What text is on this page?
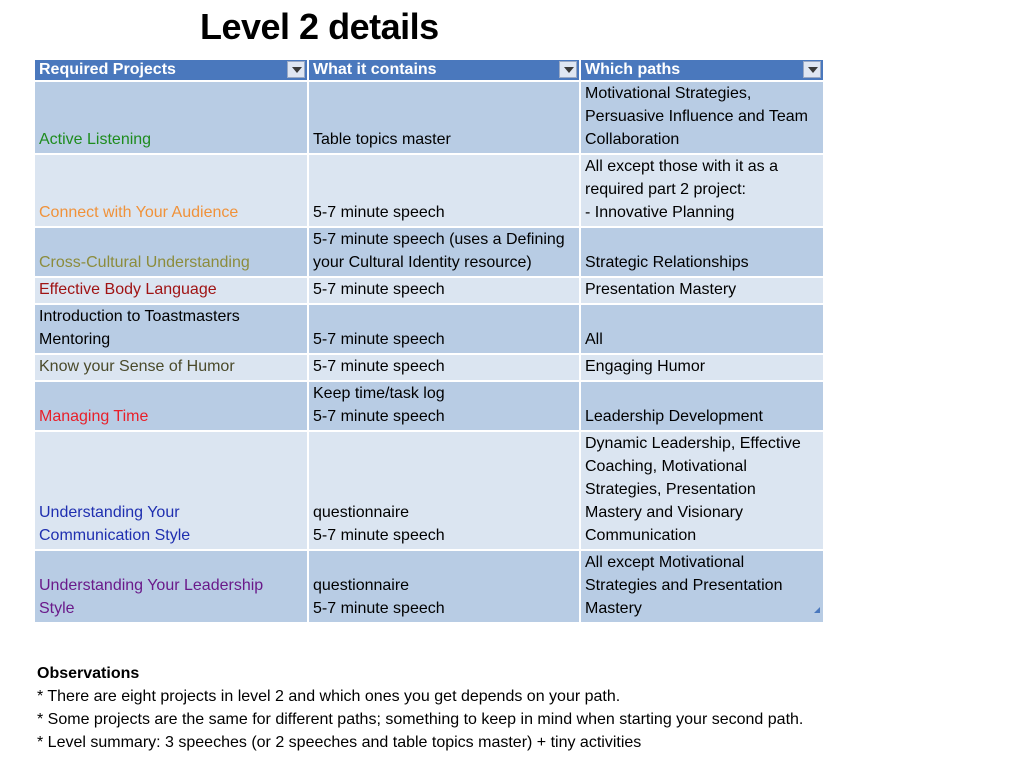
Level 2 details
Required Projects	What it contains	Which paths

Active Listening	Table topics master	Motivational Strategies,
Persuasive Influence and Team
Collaboration

Connect with Your Audience	5-7 minute speech	All except those with it as a
required part 2 project:
- Innovative Planning

Cross-Cultural Understanding	5-7 minute speech (uses a Defining
your Cultural Identity resource)	Strategic Relationships

Effective Body Language	5-7 minute speech	Presentation Mastery

Introduction to Toastmasters
Mentoring	5-7 minute speech	All

Know your Sense of Humor	5-7 minute speech	Engaging Humor

Managing Time	Keep time/task log
5-7 minute speech	Leadership Development

Understanding Your
Communication Style	questionnaire
5-7 minute speech	Dynamic Leadership, Effective
Coaching, Motivational
Strategies, Presentation
Mastery and Visionary
Communication

Understanding Your Leadership
Style	questionnaire
5-7 minute speech	All except Motivational
Strategies and Presentation
Mastery
Observations
* There are eight projects in level 2 and which ones you get depends on your path.
* Some projects are the same for different paths; something to keep in mind when starting your second path.
* Level summary: 3 speeches (or 2 speeches and table topics master) + tiny activities
